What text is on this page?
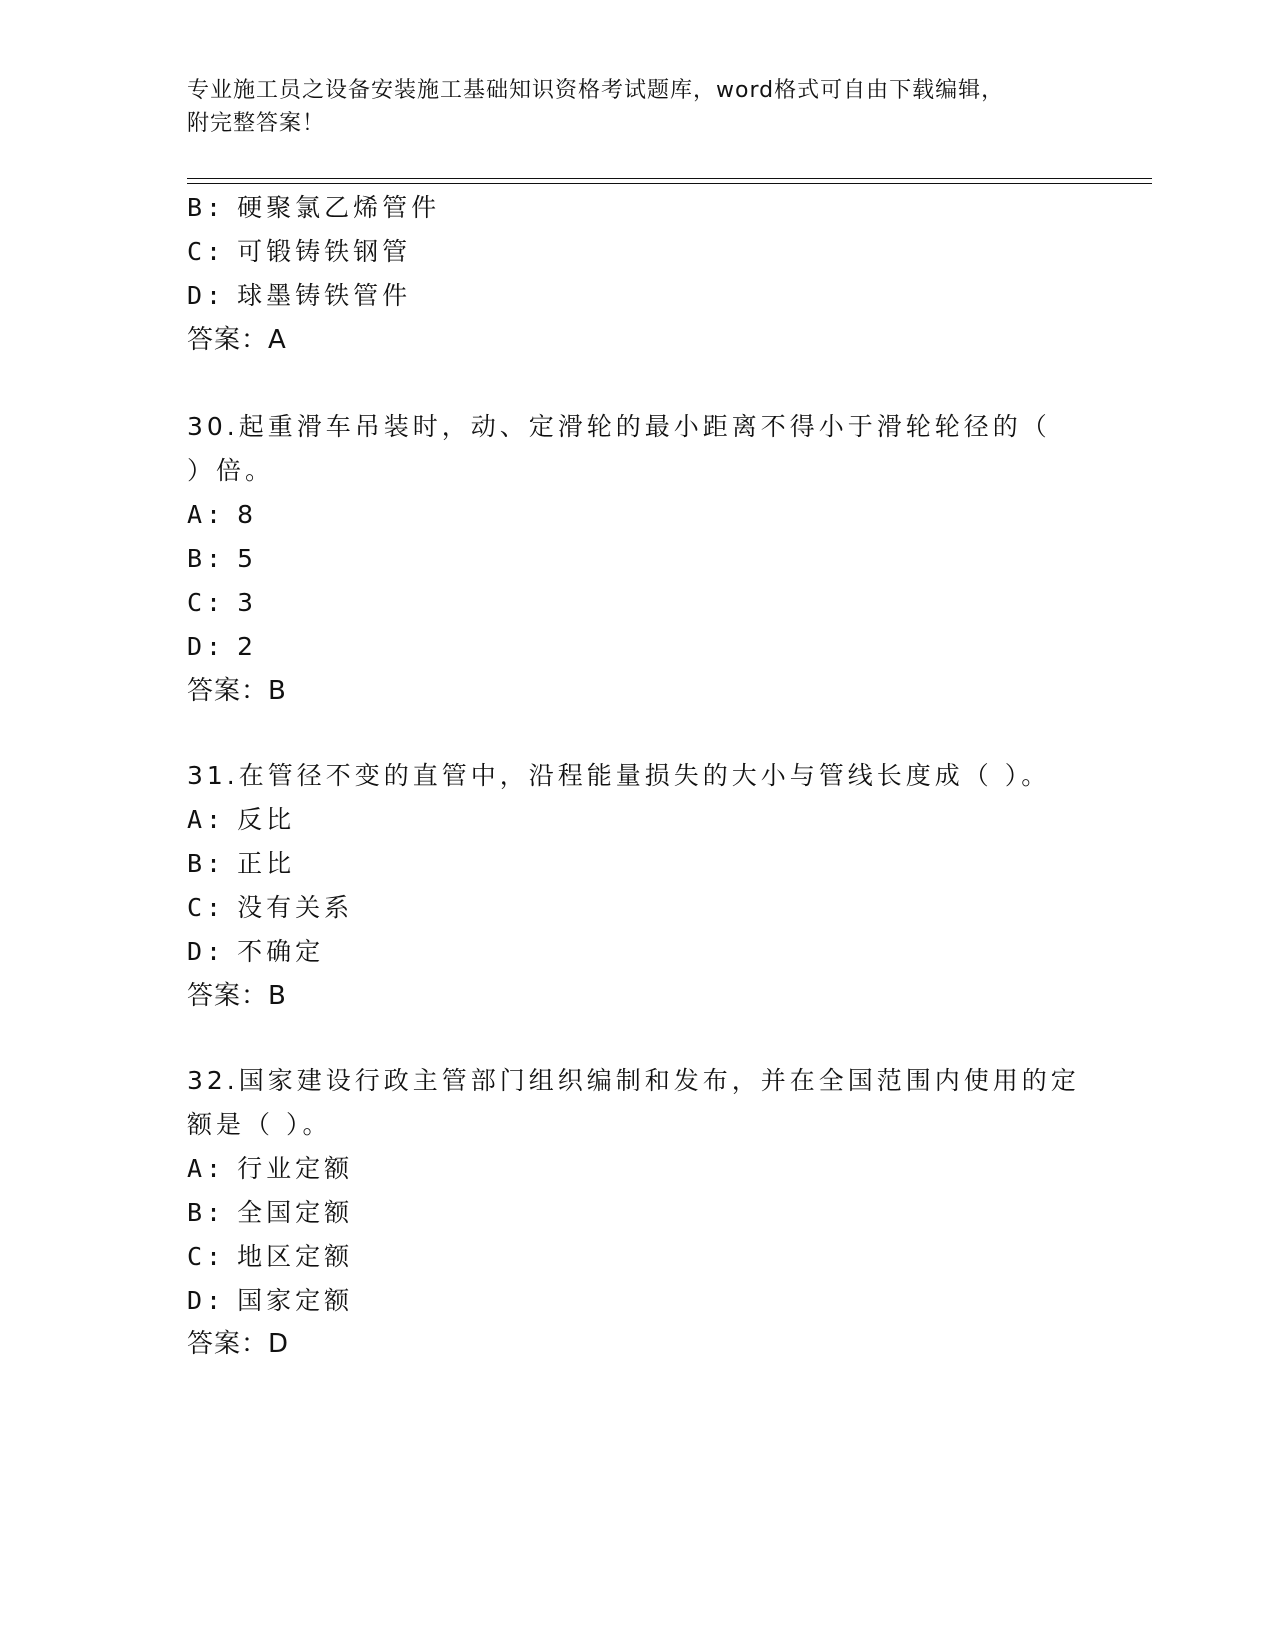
专业施工员之设备安装施工基础知识资格考试题库，word格式可自由下载编辑，
附完整答案！
B: 硬聚氯乙烯管件
C: 可锻铸铁钢管
D: 球墨铸铁管件
答案：A
30.起重滑车吊装时，动、定滑轮的最小距离不得小于滑轮轮径的（
）倍。
A: 8
B: 5
C: 3
D: 2
答案：B
31.在管径不变的直管中，沿程能量损失的大小与管线长度成（ ）。
A: 反比
B: 正比
C: 没有关系
D: 不确定
答案：B
32.国家建设行政主管部门组织编制和发布，并在全国范围内使用的定
额是（ ）。
A: 行业定额
B: 全国定额
C: 地区定额
D: 国家定额
答案：D
